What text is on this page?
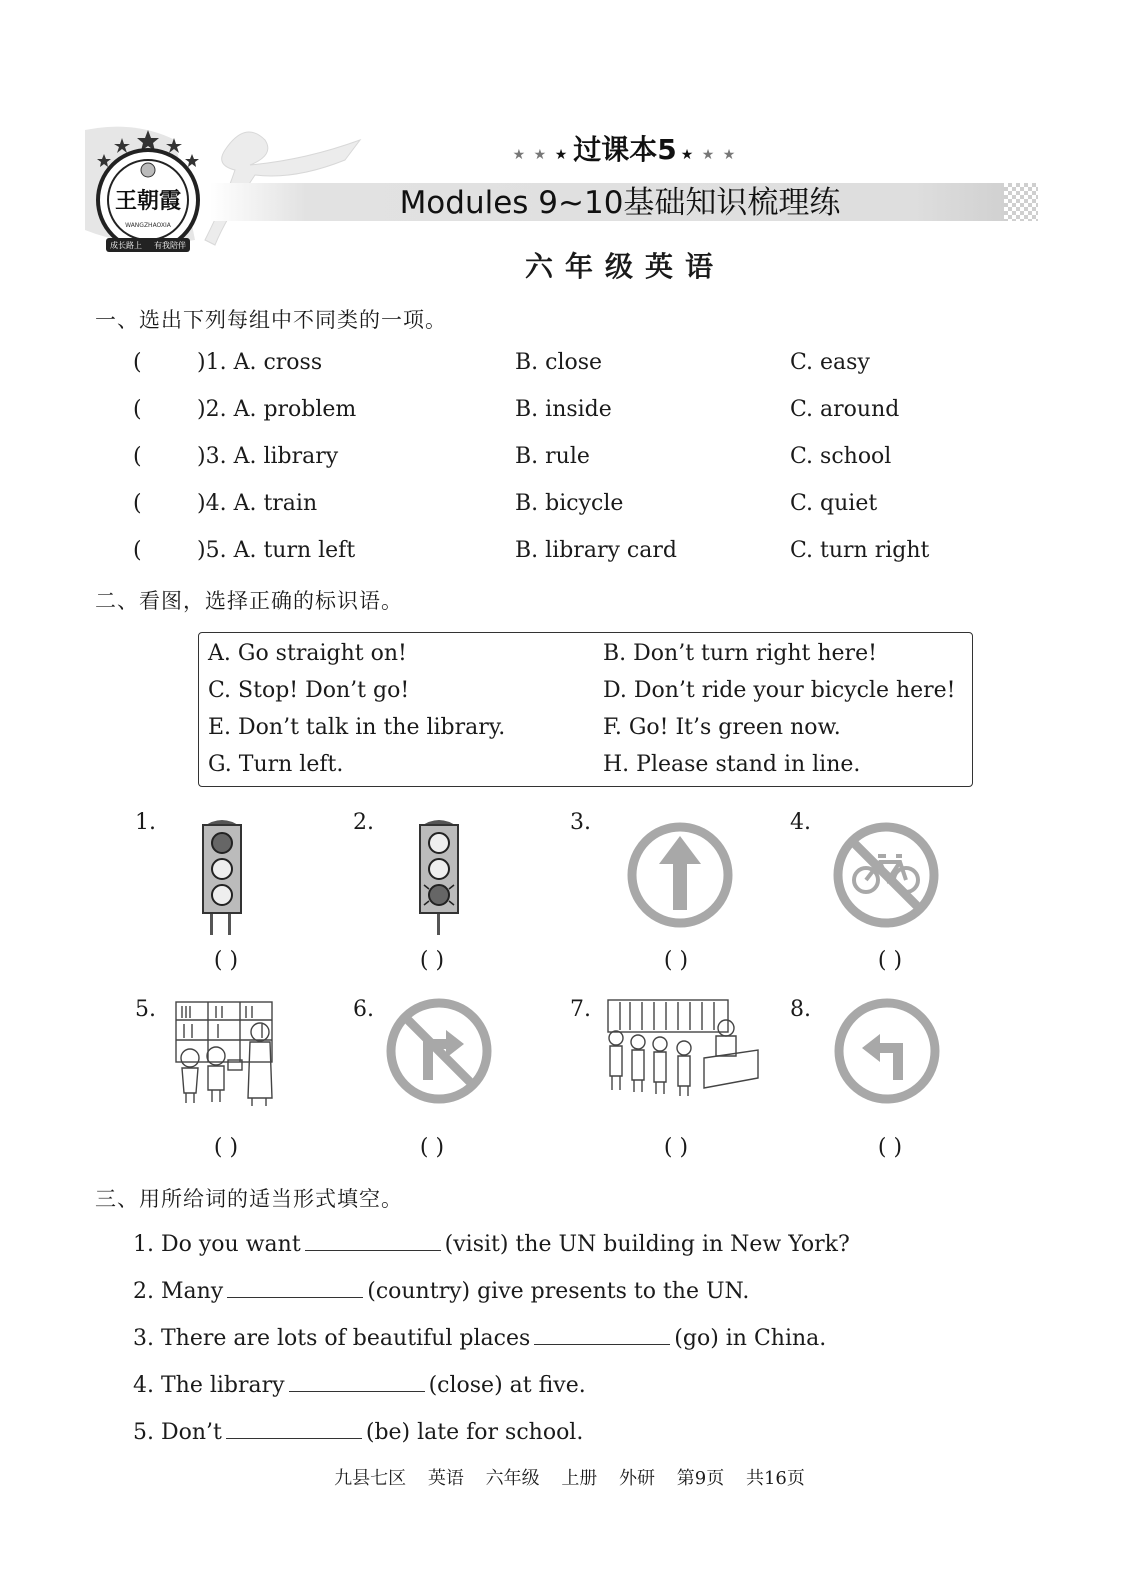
王朝霞
WANGZHAOXIA
成长路上 有我陪伴
★ ★ ★ 过课本5 ★ ★ ★
Modules 9~10基础知识梳理练
六年级英语
一、选出下列每组中不同类的一项。
(	)1. A. cross	B. close	C. easy
(	)2. A. problem	B. inside	C. around
(	)3. A. library	B. rule	C. school
(	)4. A. train	B. bicycle	C. quiet
(	)5. A. turn left	B. library card	C. turn right
二、看图，选择正确的标识语。
A. Go straight on!	B. Don’t turn right here!
C. Stop! Don’t go!	D. Don’t ride your bicycle here!
E. Don’t talk in the library.	F. Go! It’s green now.
G. Turn left.	H. Please stand in line.
1.	2.	3.	4.
5.	6.	7.	8.
( )	( )	( )	( )
( )	( )	( )	( )
三、用所给词的适当形式填空。
1. Do you want	(visit) the UN building in New York?
2. Many	(country) give presents to the UN.
3. There are lots of beautiful places	(go) in China.
4. The library	(close) at five.
5. Don’t	(be) late for school.
九县七区 英语 六年级 上册 外研 第9页 共16页
